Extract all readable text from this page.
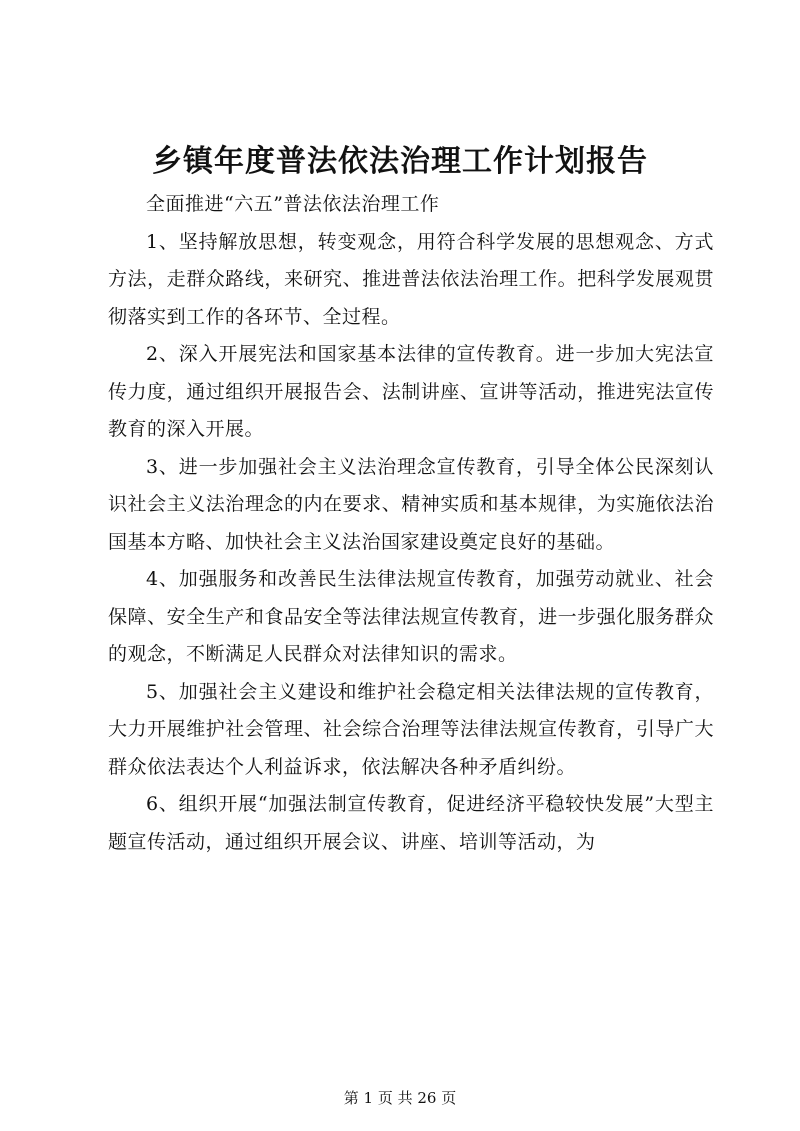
乡镇年度普法依法治理工作计划报告

全面推进“六五”普法依法治理工作

1、坚持解放思想，转变观念，用符合科学发展的思想观念、方式方法，走群众路线，来研究、推进普法依法治理工作。把科学发展观贯彻落实到工作的各环节、全过程。

2、深入开展宪法和国家基本法律的宣传教育。进一步加大宪法宣传力度，通过组织开展报告会、法制讲座、宣讲等活动，推进宪法宣传教育的深入开展。

3、进一步加强社会主义法治理念宣传教育，引导全体公民深刻认识社会主义法治理念的内在要求、精神实质和基本规律，为实施依法治国基本方略、加快社会主义法治国家建设奠定良好的基础。

4、加强服务和改善民生法律法规宣传教育，加强劳动就业、社会保障、安全生产和食品安全等法律法规宣传教育，进一步强化服务群众的观念，不断满足人民群众对法律知识的需求。

5、加强社会主义建设和维护社会稳定相关法律法规的宣传教育，大力开展维护社会管理、社会综合治理等法律法规宣传教育，引导广大群众依法表达个人利益诉求，依法解决各种矛盾纠纷。

6、组织开展“加强法制宣传教育，促进经济平稳较快发展”大型主题宣传活动，通过组织开展会议、讲座、培训等活动，为

第 1 页 共 26 页
